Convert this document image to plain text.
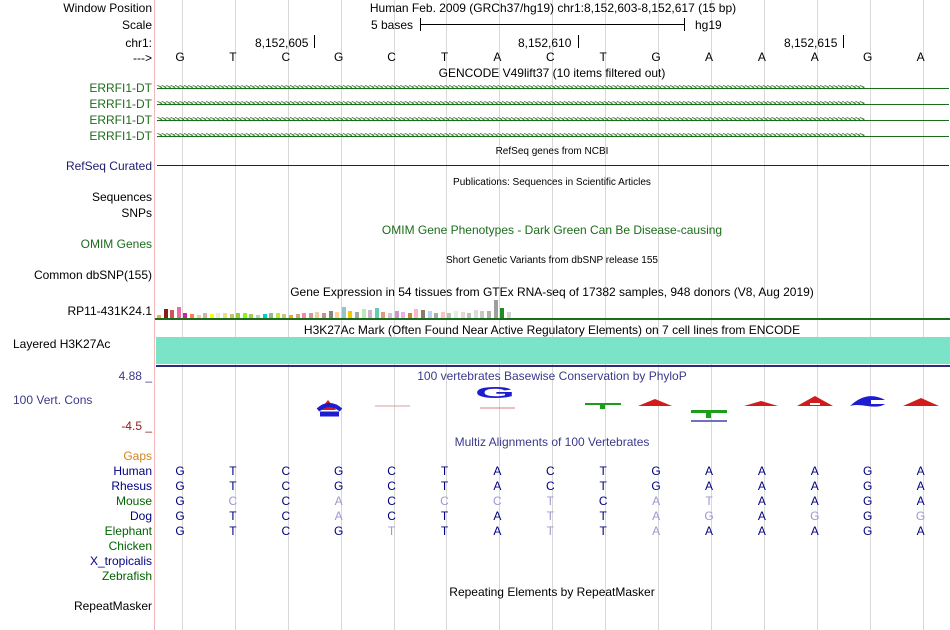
Window Position	Human Feb. 2009 (GRCh37/hg19) chr1:8,152,603-8,152,617 (15 bp)
Scale	5 bases	hg19
chr1:	8,152,605	8,152,610	8,152,615
---> G	T	C	G	C	T	A	C	T	G	A	A	A	G	A
GENCODE V49lift37 (10 items filtered out)
ERRFI1-DT >>>>>>>>>>>>>>>>>>>>>>>>>>>>>>>>>>>>>>>>>>>>>>>>>>>>>>>>>>>>>>>>>>>>>>>>>>>>>>>>>>>>>>>>>>>>>>>>>>>>>>>>>>>>>>>>>>>>>>>>>>>>>>>>>>>>>>>>>>>>>>>>>>>>>>>>>>>>>>>>
ERRFI1-DT >>>>>>>>>>>>>>>>>>>>>>>>>>>>>>>>>>>>>>>>>>>>>>>>>>>>>>>>>>>>>>>>>>>>>>>>>>>>>>>>>>>>>>>>>>>>>>>>>>>>>>>>>>>>>>>>>>>>>>>>>>>>>>>>>>>>>>>>>>>>>>>>>>>>>>>>>>>>>>>>
ERRFI1-DT >>>>>>>>>>>>>>>>>>>>>>>>>>>>>>>>>>>>>>>>>>>>>>>>>>>>>>>>>>>>>>>>>>>>>>>>>>>>>>>>>>>>>>>>>>>>>>>>>>>>>>>>>>>>>>>>>>>>>>>>>>>>>>>>>>>>>>>>>>>>>>>>>>>>>>>>>>>>>>>>
ERRFI1-DT >>>>>>>>>>>>>>>>>>>>>>>>>>>>>>>>>>>>>>>>>>>>>>>>>>>>>>>>>>>>>>>>>>>>>>>>>>>>>>>>>>>>>>>>>>>>>>>>>>>>>>>>>>>>>>>>>>>>>>>>>>>>>>>>>>>>>>>>>>>>>>>>>>>>>>>>>>>>>>>>
RefSeq genes from NCBI
RefSeq Curated
Publications: Sequences in Scientific Articles
Sequences
SNPs
OMIM Gene Phenotypes - Dark Green Can Be Disease-causing
OMIM Genes
Short Genetic Variants from dbSNP release 155
Common dbSNP(155)
Gene Expression in 54 tissues from GTEx RNA-seq of 17382 samples, 948 donors (V8, Aug 2019)
RP11-431K24.1
H3K27Ac Mark (Often Found Near Active Regulatory Elements) on 7 cell lines from ENCODE
Layered H3K27Ac
100 vertebrates Basewise Conservation by PhyloP
4.88 _
100 Vert. Cons
-4.5 _
G
Multiz Alignments of 100 Vertebrates
Gaps
Human G	T	C	G	C	T	A	C	T	G	A	A	A	G	A
Rhesus G	T	C	G	C	T	A	C	T	G	A	A	A	G	A
Mouse G	C	C	A	C	C	C	T	C	A	T	A	A	G	A
Dog G	T	C	A	C	T	A	T	T	A	G	A	G	G	G
Elephant G	T	C	G	T	T	A	T	T	A	A	A	A	G	A
Chicken
X_tropicalis
Zebrafish
Repeating Elements by RepeatMasker
RepeatMasker
